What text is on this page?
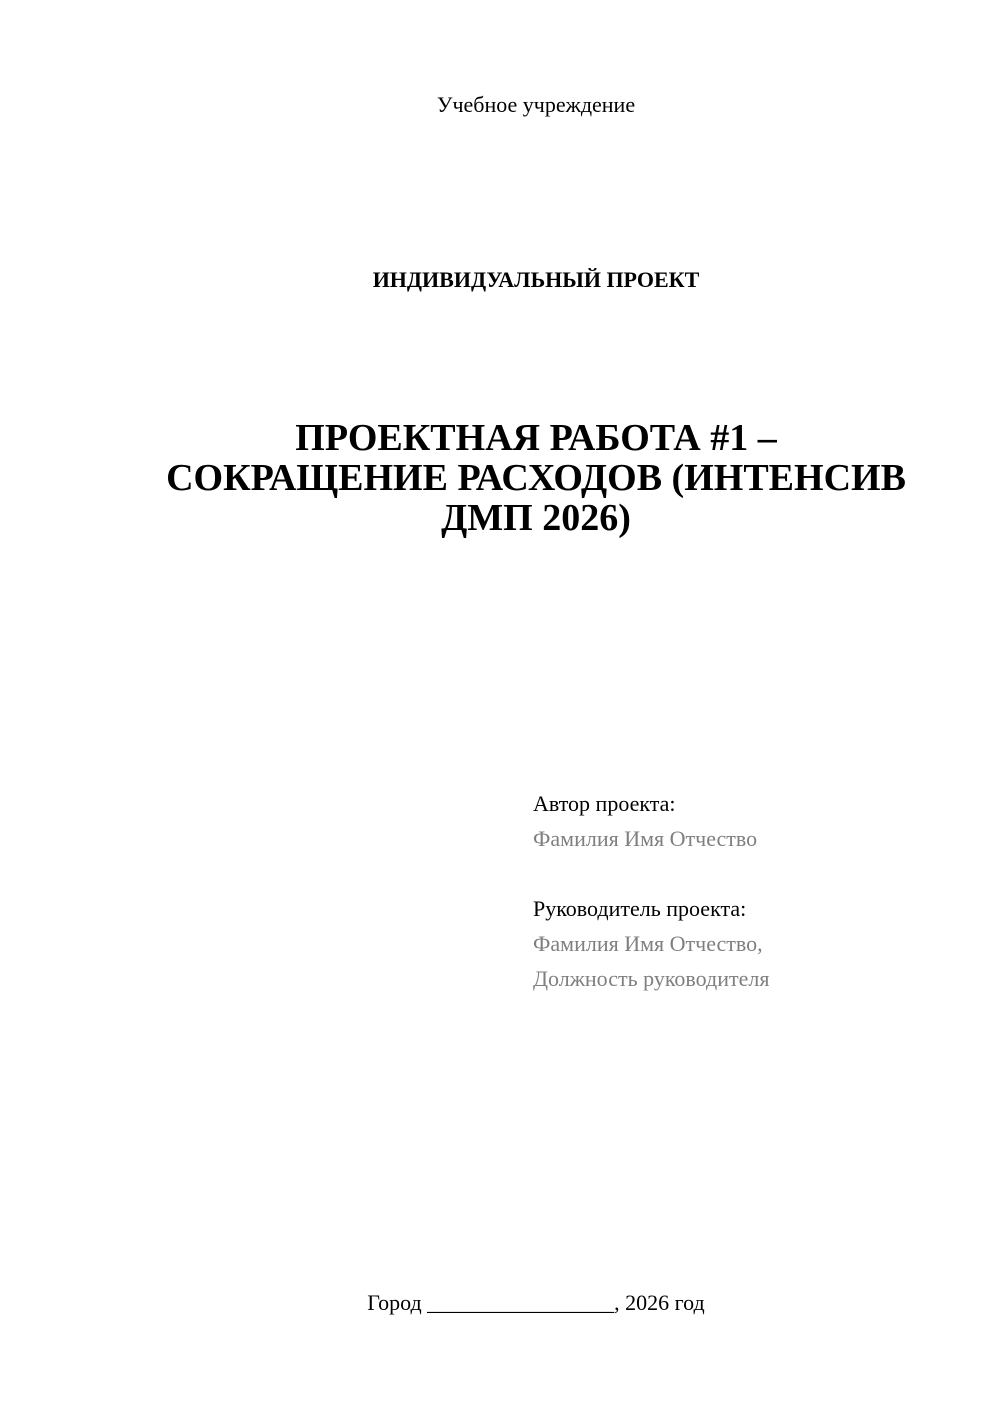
Учебное учреждение
ИНДИВИДУАЛЬНЫЙ ПРОЕКТ
ПРОЕКТНАЯ РАБОТА #1 –
СОКРАЩЕНИЕ РАСХОДОВ (ИНТЕНСИВ
ДМП 2026)
Автор проекта:
Фамилия Имя Отчество
Руководитель проекта:
Фамилия Имя Отчество,
Должность руководителя
Город _________________, 2026 год
